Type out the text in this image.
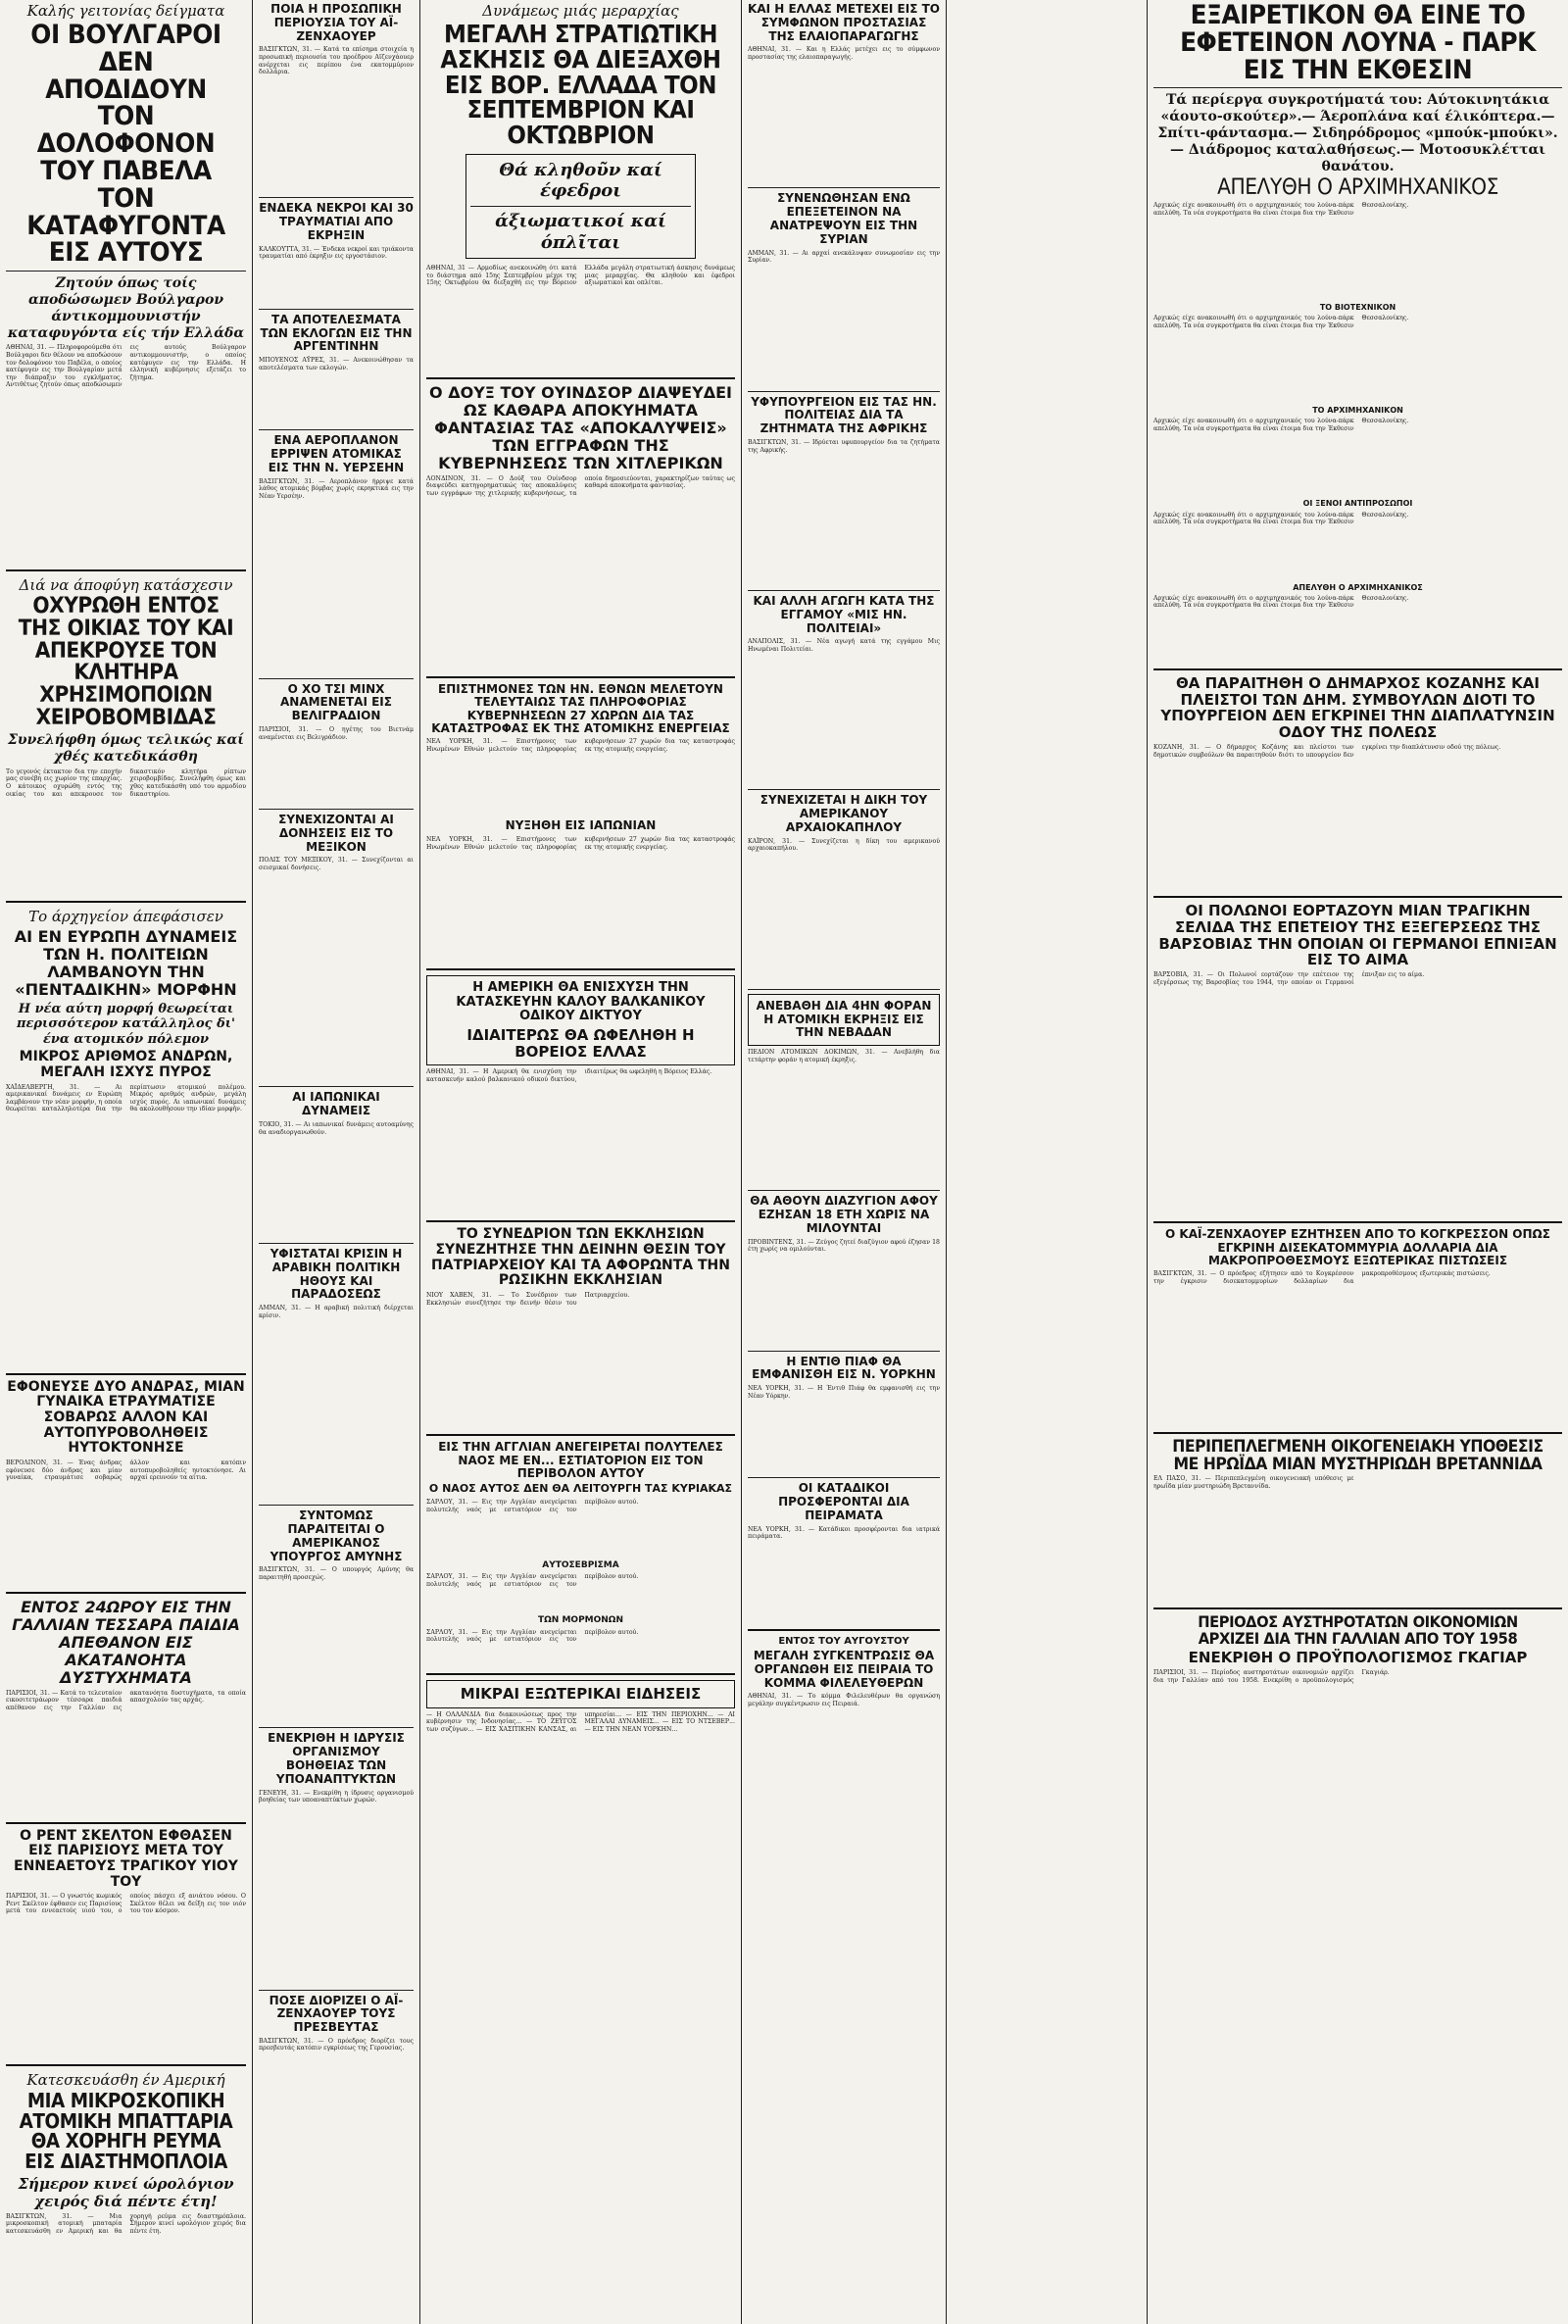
Καλής γειτονίας δείγματα
ΟΙ ΒΟΥΛΓΑΡΟΙ ΔΕΝ ΑΠΟΔΙΔΟΥΝ ΤΟΝ ΔΟΛΟΦΟΝΟΝ ΤΟΥ ΠΑΒΕΛΑ ΤΟΝ ΚΑΤΑΦΥΓΟΝΤΑ ΕΙΣ ΑΥΤΟΥΣ
Ζητούν όπως τοίς αποδώσωμεν Βούλγαρον άντικομμουνιστήν καταφυγόντα είς τήν Ελλάδα
ΑΘΗΝΑΙ, 31. — Πληροφορούμεθα ότι Βούλγαροι δεν θέλουν να αποδώσουν τον δολοφόνον του Παβέλα, ο οποίος κατέφυγεν εις την Βουλγαρίαν μετά την διάπραξιν του εγκλήματος. Αντιθέτως ζητούν όπως αποδώσωμεν εις αυτούς Βούλγαρον αντικομμουνιστήν, ο οποίος κατέφυγεν εις την Ελλάδα. Η ελληνική κυβέρνησις εξετάζει το ζήτημα.
Διά να άποφύγη κατάσχεσιν
ΟΧΥΡΩΘΗ ΕΝΤΟΣ ΤΗΣ ΟΙΚΙΑΣ ΤΟΥ ΚΑΙ ΑΠΕΚΡΟΥΣΕ ΤΟΝ ΚΛΗΤΗΡΑ ΧΡΗΣΙΜΟΠΟΙΩΝ ΧΕΙΡΟΒΟΜΒΙΔΑΣ
Συνελήφθη όμως τελικώς καί χθές κατεδικάσθη
Το γεγονός έκτακτον δια την εποχήν μας συνέβη εις χωρίον της επαρχίας. Ο κάτοικος οχυρώθη εντός της οικίας του και απεκρουσε τον δικαστικόν κλητήρα ρίπτων χειροβομβίδας. Συνελήφθη όμως και χθες κατεδικάσθη υπό του αρμοδίου δικαστηρίου.
Το άρχηγείον άπεφάσισεν
ΑΙ ΕΝ ΕΥΡΩΠΗ ΔΥΝΑΜΕΙΣ ΤΩΝ Η. ΠΟΛΙΤΕΙΩΝ ΛΑΜΒΑΝΟΥΝ ΤΗΝ «ΠΕΝΤΑΔΙΚΗΝ» ΜΟΡΦΗΝ
Η νέα αύτη μορφή θεωρείται περισσότερον κατάλληλος δι' ένα ατομικόν πόλεμον
ΜΙΚΡΟΣ ΑΡΙΘΜΟΣ ΑΝΔΡΩΝ, ΜΕΓΑΛΗ ΙΣΧΥΣ ΠΥΡΟΣ
ΧΑΪΔΕΛΒΕΡΓΗ, 31. — Αι αμερικανικαί δυνάμεις εν Ευρώπη λαμβάνουν την νέαν μορφήν, η οποία θεωρείται καταλληλοτέρα δια την περίπτωσιν ατομικού πολέμου. Μικρός αριθμός ανδρών, μεγάλη ισχύς πυρός. Αι ιαπωνικαί δυνάμεις θα ακολουθήσουν την ιδίαν μορφήν.
ΕΦΟΝΕΥΣΕ ΔΥΟ ΑΝΔΡΑΣ, ΜΙΑΝ ΓΥΝΑΙΚΑ ΕΤΡΑΥΜΑΤΙΣΕ ΣΟΒΑΡΩΣ ΑΛΛΟΝ ΚΑΙ ΑΥΤΟΠΥΡΟΒΟΛΗΘΕΙΣ ΗΥΤΟΚΤΟΝΗΣΕ
ΒΕΡΟΛΙΝΟΝ, 31. — Ένας άνδρας εφόνευσε δύο άνδρας και μίαν γυναίκα, ετραυμάτισε σοβαρώς άλλον και κατόπιν αυτοπυροβοληθείς ηυτοκτόνησε. Αι αρχαί ερευνούν τα αίτια.
ΕΝΤΟΣ 24ΩΡΟΥ ΕΙΣ ΤΗΝ ΓΑΛΛΙΑΝ ΤΕΣΣΑΡΑ ΠΑΙΔΙΑ ΑΠΕΘΑΝΟΝ ΕΙΣ ΑΚΑΤΑΝΟΗΤΑ ΔΥΣΤΥΧΗΜΑΤΑ
ΠΑΡΙΣΙΟΙ, 31. — Κατά το τελευταίον εικοσιτετράωρον τέσσαρα παιδιά απέθανον εις την Γαλλίαν εις ακατανόητα δυστυχήματα, τα οποία απασχολούν τας αρχάς.
Ο ΡΕΝΤ ΣΚΕΛΤΟΝ ΕΦΘΑΣΕΝ ΕΙΣ ΠΑΡΙΣΙΟΥΣ ΜΕΤΑ ΤΟΥ ΕΝΝΕΑΕΤΟΥΣ ΤΡΑΓΙΚΟΥ ΥΙΟΥ ΤΟΥ
ΠΑΡΙΣΙΟΙ, 31. — Ο γνωστός κωμικός Ρεντ Σκέλτον έφθασεν εις Παρισίους μετά του εννεαετούς υιού του, ο οποίος πάσχει εξ ανιάτου νόσου. Ο Σκέλτον θέλει να δείξη εις τον υιόν του τον κόσμον.
Κατεσκευάσθη έν Αμερική
ΜΙΑ ΜΙΚΡΟΣΚΟΠΙΚΗ ΑΤΟΜΙΚΗ ΜΠΑΤΤΑΡΙΑ ΘΑ ΧΟΡΗΓΗ ΡΕΥΜΑ ΕΙΣ ΔΙΑΣΤΗΜΟΠΛΟΙΑ
Σήμερον κινεί ώρολόγιον χειρός διά πέντε έτη!
ΒΑΣΙΓΚΤΩΝ, 31. — Μια μικροσκοπική ατομική μπαταρία κατεσκευάσθη εν Αμερική και θα χορηγή ρεύμα εις διαστημόπλοια. Σήμερον κινεί ωρολόγιον χειρός δια πέντε έτη.
ΠΟΙΑ Η ΠΡΟΣΩΠΙΚΗ ΠΕΡΙΟΥΣΙΑ ΤΟΥ ΑΪ-ΖΕΝΧΑΟΥΕΡ
ΒΑΣΙΓΚΤΩΝ, 31. — Κατά τα επίσημα στοιχεία η προσωπική περιουσία του προέδρου Αϊζενχάουερ ανέρχεται εις περίπου ένα εκατομμύριον δολλάρια.
ΕΝΔΕΚΑ ΝΕΚΡΟΙ ΚΑΙ 30 ΤΡΑΥΜΑΤΙΑΙ ΑΠΟ ΕΚΡΗΞΙΝ
ΚΑΛΚΟΥΤΤΑ, 31. — Ένδεκα νεκροί και τριάκοντα τραυματίαι από έκρηξιν εις εργοστάσιον.
ΤΑ ΑΠΟΤΕΛΕΣΜΑΤΑ ΤΩΝ ΕΚΛΟΓΩΝ ΕΙΣ ΤΗΝ ΑΡΓΕΝΤΙΝΗΝ
ΜΠΟΥΕΝΟΣ ΑΫΡΕΣ, 31. — Ανεκοινώθησαν τα αποτελέσματα των εκλογών.
ΕΝΑ ΑΕΡΟΠΛΑΝΟΝ ΕΡΡΙΨΕΝ ΑΤΟΜΙΚΑΣ ΕΙΣ ΤΗΝ Ν. ΥΕΡΣΕΗΝ
ΒΑΣΙΓΚΤΩΝ, 31. — Αεροπλάνον ήρριψε κατά λάθος ατομικάς βόμβας χωρίς εκρηκτικά εις την Νέαν Υερσέην.
Ο ΧΟ ΤΣΙ ΜΙΝΧ ΑΝΑΜΕΝΕΤΑΙ ΕΙΣ ΒΕΛΙΓΡΑΔΙΟΝ
ΠΑΡΙΣΙΟΙ, 31. — Ο ηγέτης του Βιετνάμ αναμένεται εις Βελιγράδιον.
ΣΥΝΕΧΙΖΟΝΤΑΙ ΑΙ ΔΟΝΗΣΕΙΣ ΕΙΣ ΤΟ ΜΕΞΙΚΟΝ
ΠΟΛΙΣ ΤΟΥ ΜΕΞΙΚΟΥ, 31. — Συνεχίζονται αι σεισμικαί δονήσεις.
ΑΙ ΙΑΠΩΝΙΚΑΙ ΔΥΝΑΜΕΙΣ
ΤΟΚΙΟ, 31. — Αι ιαπωνικαί δυνάμεις αυτοαμύνης θα αναδιοργανωθούν.
ΥΦΙΣΤΑΤΑΙ ΚΡΙΣΙΝ Η ΑΡΑΒΙΚΗ ΠΟΛΙΤΙΚΗ ΗΘΟΥΣ ΚΑΙ ΠΑΡΑΔΟΣΕΩΣ
ΑΜΜΑΝ, 31. — Η αραβική πολιτική διέρχεται κρίσιν.
ΣΥΝΤΟΜΩΣ ΠΑΡΑΙΤΕΙΤΑΙ Ο ΑΜΕΡΙΚΑΝΟΣ ΥΠΟΥΡΓΟΣ ΑΜΥΝΗΣ
ΒΑΣΙΓΚΤΩΝ, 31. — Ο υπουργός Αμύνης θα παραιτηθή προσεχώς.
ΕΝΕΚΡΙΘΗ Η ΙΔΡΥΣΙΣ ΟΡΓΑΝΙΣΜΟΥ ΒΟΗΘΕΙΑΣ ΤΩΝ ΥΠΟΑΝΑΠΤΥΚΤΩΝ
ΓΕΝΕΥΗ, 31. — Ενεκρίθη η ίδρυσις οργανισμού βοηθείας των υποαναπτύκτων χωρών.
ΠΟΣΕ ΔΙΟΡΙΖΕΙ Ο ΑΪ-ΖΕΝΧΑΟΥΕΡ ΤΟΥΣ ΠΡΕΣΒΕΥΤΑΣ
ΒΑΣΙΓΚΤΩΝ, 31. — Ο πρόεδρος διορίζει τους πρεσβευτάς κατόπιν εγκρίσεως της Γερουσίας.
Δυνάμεως μιάς μεραρχίας
ΜΕΓΑΛΗ ΣΤΡΑΤΙΩΤΙΚΗ ΑΣΚΗΣΙΣ ΘΑ ΔΙΕΞΑΧΘΗ ΕΙΣ ΒΟΡ. ΕΛΛΑΔΑ ΤΟΝ ΣΕΠΤΕΜΒΡΙΟΝ ΚΑΙ ΟΚΤΩΒΡΙΟΝ
Θά κληθοῦν καί έφεδροι
άξιωματικοί καί όπλῖται
ΑΘΗΝΑΙ, 31 — Αρμοδίως ανεκοινώθη ότι κατά το διάστημα από 15ης Σεπτεμβρίου μέχρι της 15ης Οκτωβρίου θα διεξαχθή εις την Βόρειον Ελλάδα μεγάλη στρατιωτική άσκησις δυνάμεως μιας μεραρχίας. Θα κληθούν και έφεδροι αξιωματικοί και οπλίται.
Ο ΔΟΥΞ ΤΟΥ ΟΥΙΝΔΣΟΡ ΔΙΑΨΕΥΔΕΙ ΩΣ ΚΑΘΑΡΑ ΑΠΟΚΥΗΜΑΤΑ ΦΑΝΤΑΣΙΑΣ ΤΑΣ «ΑΠΟΚΑΛΥΨΕΙΣ» ΤΩΝ ΕΓΓΡΑΦΩΝ ΤΗΣ ΚΥΒΕΡΝΗΣΕΩΣ ΤΩΝ ΧΙΤΛΕΡΙΚΩΝ
ΛΟΝΔΙΝΟΝ, 31. — Ο Δούξ του Ουίνδσορ διαψεύδει κατηγορηματικώς τας αποκαλύψεις των εγγράφων της χιτλερικής κυβερνήσεως, τα οποία δημοσιεύονται, χαρακτηρίζων ταύτας ως καθαρά αποκυήματα φαντασίας.
ΕΠΙΣΤΗΜΟΝΕΣ ΤΩΝ ΗΝ. ΕΘΝΩΝ ΜΕΛΕΤΟΥΝ ΤΕΛΕΥΤΑΙΩΣ ΤΑΣ ΠΛΗΡΟΦΟΡΙΑΣ ΚΥΒΕΡΝΗΣΕΩΝ 27 ΧΩΡΩΝ ΔΙΑ ΤΑΣ ΚΑΤΑΣΤΡΟΦΑΣ ΕΚ ΤΗΣ ΑΤΟΜΙΚΗΣ ΕΝΕΡΓΕΙΑΣ
ΝΕΑ ΥΟΡΚΗ, 31. — Επιστήμονες των Ηνωμένων Εθνών μελετούν τας πληροφορίας κυβερνήσεων 27 χωρών δια τας καταστροφάς εκ της ατομικής ενεργείας.
ΝΥΞΗΘΗ ΕΙΣ ΙΑΠΩΝΙΑΝ
ΝΕΑ ΥΟΡΚΗ, 31. — Επιστήμονες των Ηνωμένων Εθνών μελετούν τας πληροφορίας κυβερνήσεων 27 χωρών δια τας καταστροφάς εκ της ατομικής ενεργείας.
Η ΑΜΕΡΙΚΗ ΘΑ ΕΝΙΣΧΥΣΗ ΤΗΝ ΚΑΤΑΣΚΕΥΗΝ ΚΑΛΟΥ ΒΑΛΚΑΝΙΚΟΥ ΟΔΙΚΟΥ ΔΙΚΤΥΟΥ
ΙΔΙΑΙΤΕΡΩΣ ΘΑ ΩΦΕΛΗΘΗ Η ΒΟΡΕΙΟΣ ΕΛΛΑΣ
ΑΘΗΝΑΙ, 31. — Η Αμερική θα ενισχύση την κατασκευήν καλού βαλκανικού οδικού δικτύου, ιδιαιτέρως θα ωφεληθή η Βόρειος Ελλάς.
ΤΟ ΣΥΝΕΔΡΙΟΝ ΤΩΝ ΕΚΚΛΗΣΙΩΝ ΣΥΝΕΖΗΤΗΣΕ ΤΗΝ ΔΕΙΝΗΝ ΘΕΣΙΝ ΤΟΥ ΠΑΤΡΙΑΡΧΕΙΟΥ ΚΑΙ ΤΑ ΑΦΟΡΩΝΤΑ ΤΗΝ ΡΩΣΙΚΗΝ ΕΚΚΛΗΣΙΑΝ
ΝΙΟΥ ΧΑΒΕΝ, 31. — Το Συνέδριον των Εκκλησιών συνεζήτησε την δεινήν θέσιν του Πατριαρχείου.
ΕΙΣ ΤΗΝ ΑΓΓΛΙΑΝ ΑΝΕΓΕΙΡΕΤΑΙ ΠΟΛΥΤΕΛΕΣ ΝΑΟΣ ΜΕ ΕΝ... ΕΣΤΙΑΤΟΡΙΟΝ ΕΙΣ ΤΟΝ ΠΕΡΙΒΟΛΟΝ ΑΥΤΟΥ
Ο ΝΑΟΣ ΑΥΤΟΣ ΔΕΝ ΘΑ ΛΕΙΤΟΥΡΓΗ ΤΑΣ ΚΥΡΙΑΚΑΣ
ΣΑΡΛΟΥ, 31. — Εις την Αγγλίαν ανεγείρεται πολυτελής ναός με εστιατόριον εις τον περίβολον αυτού.
ΑΥΤΟΣΕΒΡΙΣΜΑ
ΣΑΡΛΟΥ, 31. — Εις την Αγγλίαν ανεγείρεται πολυτελής ναός με εστιατόριον εις τον περίβολον αυτού.
ΤΩΝ ΜΟΡΜΟΝΩΝ
ΣΑΡΛΟΥ, 31. — Εις την Αγγλίαν ανεγείρεται πολυτελής ναός με εστιατόριον εις τον περίβολον αυτού.
ΜΙΚΡΑΙ ΕΞΩΤΕΡΙΚΑΙ ΕΙΔΗΣΕΙΣ
— Η ΟΛΛΑΝΔΙΑ δια διακοινώσεως προς την κυβέρνησιν της Ινδονησίας... — ΤΟ ΖΕΥΓΟΣ των συζύγων... — ΕΙΣ ΧΑΣΙΤΙΚΗΝ ΚΑΝΣΑΣ, αι υπηρεσίαι... — ΕΙΣ ΤΗΝ ΠΕΡΙΟΧΗΝ... — ΑΙ ΜΕΓΑΛΑΙ ΔΥΝΑΜΕΙΣ... — ΕΙΣ ΤΟ ΝΤΣΕΒΕΡ... — ΕΙΣ ΤΗΝ ΝΕΑΝ ΥΟΡΚΗΝ...
ΚΑΙ Η ΕΛΛΑΣ ΜΕΤΕΧΕΙ ΕΙΣ ΤΟ ΣΥΜΦΩΝΟΝ ΠΡΟΣΤΑΣΙΑΣ ΤΗΣ ΕΛΑΙΟΠΑΡΑΓΩΓΗΣ
ΑΘΗΝΑΙ, 31. — Και η Ελλάς μετέχει εις το σύμφωνον προστασίας της ελαιοπαραγωγής.
ΣΥΝΕΝΩΘΗΣΑΝ ΕΝΩ ΕΠΕΞΕΤΕΙΝΟΝ ΝΑ ΑΝΑΤΡΕΨΟΥΝ ΕΙΣ ΤΗΝ ΣΥΡΙΑΝ
ΑΜΜΑΝ, 31. — Αι αρχαί ανεκάλυψαν συνωμοσίαν εις την Συρίαν.
ΥΦΥΠΟΥΡΓΕΙΟΝ ΕΙΣ ΤΑΣ ΗΝ. ΠΟΛΙΤΕΙΑΣ ΔΙΑ ΤΑ ΖΗΤΗΜΑΤΑ ΤΗΣ ΑΦΡΙΚΗΣ
ΒΑΣΙΓΚΤΩΝ, 31. — Ιδρύεται υφυπουργείον δια τα ζητήματα της Αφρικής.
ΚΑΙ ΑΛΛΗ ΑΓΩΓΗ ΚΑΤΑ ΤΗΣ ΕΓΓΑΜΟΥ «ΜΙΣ ΗΝ. ΠΟΛΙΤΕΙΑΙ»
ΑΝΑΠΟΛΙΣ, 31. — Νέα αγωγή κατά της εγγάμου Μις Ηνωμέναι Πολιτείαι.
ΣΥΝΕΧΙΖΕΤΑΙ Η ΔΙΚΗ ΤΟΥ ΑΜΕΡΙΚΑΝΟΥ ΑΡΧΑΙΟΚΑΠΗΛΟΥ
ΚΑΪΡΟΝ, 31. — Συνεχίζεται η δίκη του αμερικανού αρχαιοκαπήλου.
ΑΝΕΒΑΘΗ ΔΙΑ 4ΗΝ ΦΟΡΑΝ Η ΑΤΟΜΙΚΗ ΕΚΡΗΞΙΣ ΕΙΣ ΤΗΝ ΝΕΒΑΔΑΝ
ΠΕΔΙΟΝ ΑΤΟΜΙΚΩΝ ΔΟΚΙΜΩΝ, 31. — Ανεβλήθη δια τετάρτην φοράν η ατομική έκρηξις.
ΘΑ ΑΘΟΥΝ ΔΙΑΖΥΓΙΟΝ ΑΦΟΥ ΕΖΗΣΑΝ 18 ΕΤΗ ΧΩΡΙΣ ΝΑ ΜΙΛΟΥΝΤΑΙ
ΠΡΟΒΙΝΤΕΝΣ, 31. — Ζεύγος ζητεί διαζύγιον αφού έζησαν 18 έτη χωρίς να ομιλούνται.
Η ΕΝΤΙΘ ΠΙΑΦ ΘΑ ΕΜΦΑΝΙΣΘΗ ΕΙΣ Ν. ΥΟΡΚΗΝ
ΝΕΑ ΥΟΡΚΗ, 31. — Η Έντιθ Πιάφ θα εμφανισθή εις την Νέαν Υόρκην.
ΟΙ ΚΑΤΑΔΙΚΟΙ ΠΡΟΣΦΕΡΟΝΤΑΙ ΔΙΑ ΠΕΙΡΑΜΑΤΑ
ΝΕΑ ΥΟΡΚΗ, 31. — Κατάδικοι προσφέρονται δια ιατρικά πειράματα.
ΕΝΤΟΣ ΤΟΥ ΑΥΓΟΥΣΤΟΥ
ΜΕΓΑΛΗ ΣΥΓΚΕΝΤΡΩΣΙΣ ΘΑ ΟΡΓΑΝΩΘΗ ΕΙΣ ΠΕΙΡΑΙΑ ΤΟ ΚΟΜΜΑ ΦΙΛΕΛΕΥΘΕΡΩΝ
ΑΘΗΝΑΙ, 31. — Το κόμμα Φιλελευθέρων θα οργανώση μεγάλην συγκέντρωσιν εις Πειραιά.
ΕΞΑΙΡΕΤΙΚΟΝ ΘΑ ΕΙΝΕ ΤΟ ΕΦΕΤΕΙΝΟΝ ΛΟΥΝΑ - ΠΑΡΚ ΕΙΣ ΤΗΝ ΕΚΘΕΣΙΝ
Τά περίεργα συγκροτήματά του: Αύτοκινητάκια «άουτο-σκούτερ».— Άεροπλάνα καί έλικόπτερα.— Σπίτι-φάντασμα.— Σιδηρόδρομος «μπούκ-μπούκι».— Διάδρομος καταλαθήσεως.— Μοτοσυκλέτται θανάτου.
ΑΠΕΛΥΘΗ Ο ΑΡΧΙΜΗΧΑΝΙΚΟΣ
Αρχικώς είχε ανακοινωθή ότι ο αρχιμηχανικός του λούνα-πάρκ απελύθη. Τα νέα συγκροτήματα θα είναι έτοιμα δια την Έκθεσιν Θεσσαλονίκης.
ΤΟ ΒΙΟΤΕΧΝΙΚΟΝ
Αρχικώς είχε ανακοινωθή ότι ο αρχιμηχανικός του λούνα-πάρκ απελύθη. Τα νέα συγκροτήματα θα είναι έτοιμα δια την Έκθεσιν Θεσσαλονίκης.
ΤΟ ΑΡΧΙΜΗΧΑΝΙΚΟΝ
Αρχικώς είχε ανακοινωθή ότι ο αρχιμηχανικός του λούνα-πάρκ απελύθη. Τα νέα συγκροτήματα θα είναι έτοιμα δια την Έκθεσιν Θεσσαλονίκης.
ΟΙ ΞΕΝΟΙ ΑΝΤΙΠΡΟΣΩΠΟΙ
Αρχικώς είχε ανακοινωθή ότι ο αρχιμηχανικός του λούνα-πάρκ απελύθη. Τα νέα συγκροτήματα θα είναι έτοιμα δια την Έκθεσιν Θεσσαλονίκης.
ΑΠΕΛΥΘΗ Ο ΑΡΧΙΜΗΧΑΝΙΚΟΣ
Αρχικώς είχε ανακοινωθή ότι ο αρχιμηχανικός του λούνα-πάρκ απελύθη. Τα νέα συγκροτήματα θα είναι έτοιμα δια την Έκθεσιν Θεσσαλονίκης.
ΘΑ ΠΑΡΑΙΤΗΘΗ Ο ΔΗΜΑΡΧΟΣ ΚΟΖΑΝΗΣ ΚΑΙ ΠΛΕΙΣΤΟΙ ΤΩΝ ΔΗΜ. ΣΥΜΒΟΥΛΩΝ ΔΙΟΤΙ ΤΟ ΥΠΟΥΡΓΕΙΟΝ ΔΕΝ ΕΓΚΡΙΝΕΙ ΤΗΝ ΔΙΑΠΛΑΤΥΝΣΙΝ ΟΔΟΥ ΤΗΣ ΠΟΛΕΩΣ
ΚΟΖΑΝΗ, 31. — Ο δήμαρχος Κοζάνης και πλείστοι των δημοτικών συμβούλων θα παραιτηθούν διότι το υπουργείον δεν εγκρίνει την διαπλάτυνσιν οδού της πόλεως.
ΟΙ ΠΟΛΩΝΟΙ ΕΟΡΤΑΖΟΥΝ ΜΙΑΝ ΤΡΑΓΙΚΗΝ ΣΕΛΙΔΑ ΤΗΣ ΕΠΕΤΕΙΟΥ ΤΗΣ ΕΞΕΓΕΡΣΕΩΣ ΤΗΣ ΒΑΡΣΟΒΙΑΣ ΤΗΝ ΟΠΟΙΑΝ ΟΙ ΓΕΡΜΑΝΟΙ ΕΠΝΙΞΑΝ ΕΙΣ ΤΟ ΑΙΜΑ
ΒΑΡΣΟΒΙΑ, 31. — Οι Πολωνοί εορτάζουν την επέτειον της εξεγέρσεως της Βαρσοβίας του 1944, την οποίαν οι Γερμανοί έπνιξαν εις το αίμα.
Ο ΚΑΪ-ΖΕΝΧΑΟΥΕΡ ΕΖΗΤΗΣΕΝ ΑΠΟ ΤΟ ΚΟΓΚΡΕΣΣΟΝ ΟΠΩΣ ΕΓΚΡΙΝΗ ΔΙΣΕΚΑΤΟΜΜΥΡΙΑ ΔΟΛΛΑΡΙΑ ΔΙΑ ΜΑΚΡΟΠΡΟΘΕΣΜΟΥΣ ΕΞΩΤΕΡΙΚΑΣ ΠΙΣΤΩΣΕΙΣ
ΒΑΣΙΓΚΤΩΝ, 31. — Ο πρόεδρος εζήτησεν από το Κογκρέσσον την έγκρισιν δισεκατομμυρίων δολλαρίων δια μακροπροθέσμους εξωτερικάς πιστώσεις.
ΠΕΡΙΠΕΠΛΕΓΜΕΝΗ ΟΙΚΟΓΕΝΕΙΑΚΗ ΥΠΟΘΕΣΙΣ ΜΕ ΗΡΩΪΔΑ ΜΙΑΝ ΜΥΣΤΗΡΙΩΔΗ ΒΡΕΤΑΝΝΙΔΑ
ΕΛ ΠΑΣΟ, 31. — Περιπεπλεγμένη οικογενειακή υπόθεσις με ηρωΐδα μίαν μυστηριώδη Βρεταννίδα.
ΠΕΡΙΟΔΟΣ ΑΥΣΤΗΡΟΤΑΤΩΝ ΟΙΚΟΝΟΜΙΩΝ ΑΡΧΙΖΕΙ ΔΙΑ ΤΗΝ ΓΑΛΛΙΑΝ ΑΠΟ ΤΟΥ 1958
ΕΝΕΚΡΙΘΗ Ο ΠΡΟΫΠΟΛΟΓΙΣΜΟΣ ΓΚΑΓΙΑΡ
ΠΑΡΙΣΙΟΙ, 31. — Περίοδος αυστηροτάτων οικονομιών αρχίζει δια την Γαλλίαν από του 1958. Ενεκρίθη ο προϋπολογισμός Γκαγιάρ.
